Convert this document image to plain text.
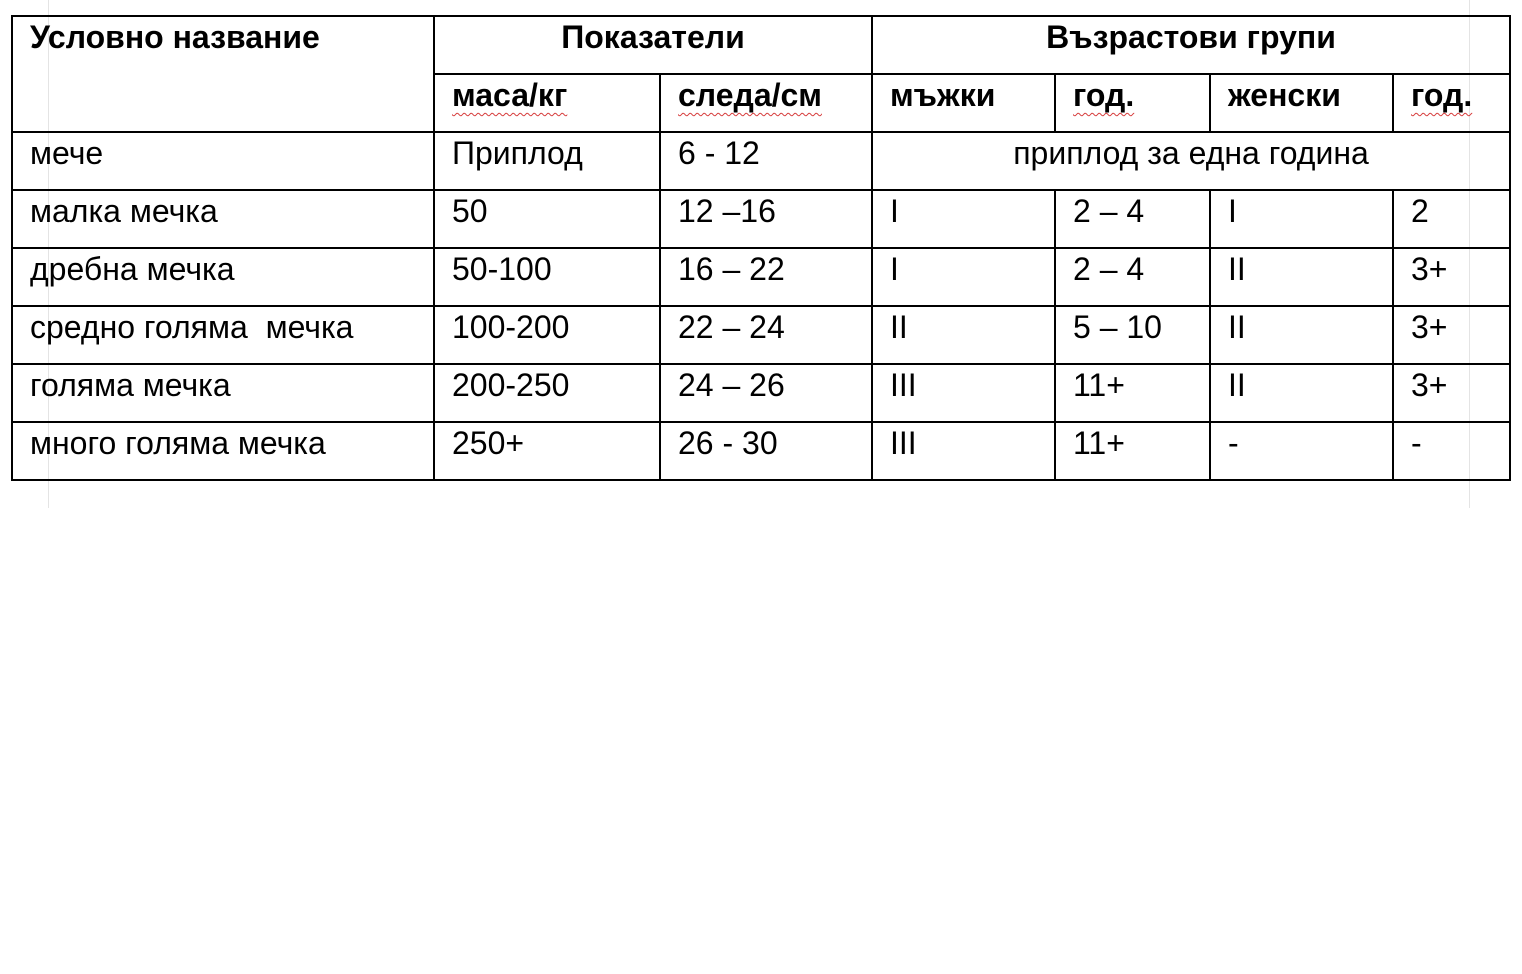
Условно название	Показатели		Възрастови групи			
	маса/кг	следа/см	мъжки	год.	женски	год.
мече	Приплод	6 - 12	приплод за една година			
малка мечка	50	12 –16	I	2 – 4	I	2
дребна мечка	50-100	16 – 22	I	2 – 4	II	3+
средно голяма  мечка	100-200	22 – 24	II	5 – 10	II	3+
голяма мечка	200-250	24 – 26	III	11+	II	3+
много голяма мечка	250+	26 - 30	III	11+	-	-
